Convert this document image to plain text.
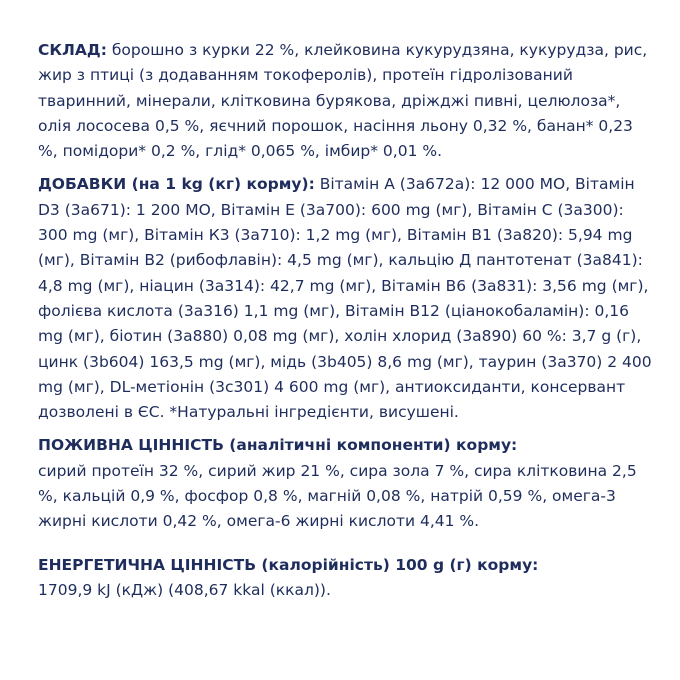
СКЛАД: борошно з курки 22 %, клейковина кукурудзяна, кукурудза, рис, жир з птиці (з додаванням токоферолів), протеїн гідролізований тваринний, мінерали, клітковина бурякова, дріжджі пивні, целюлоза*, олія лососева 0,5 %, яєчний порошок, насіння льону 0,32 %, банан* 0,23 %, помідори* 0,2 %, глід* 0,065 %, імбир* 0,01 %.

ДОБАВКИ (на 1 kg (кг) корму): Вітамін А (3а672а): 12 000 МО, Вітамін D3 (3а671): 1 200 МО, Вітамін Е (3а700): 600 mg (мг), Вітамін С (3а300): 300 mg (мг), Вітамін К3 (3а710): 1,2 mg (мг), Вітамін В1 (3а820): 5,94 mg (мг), Вітамін В2 (рибофлавін): 4,5 mg (мг), кальцію Д пантотенат (3а841): 4,8 mg (мг), ніацин (3а314): 42,7 mg (мг), Вітамін В6 (3а831): 3,56 mg (мг), фолієва кислота (3а316) 1,1 mg (мг), Вітамін В12 (ціанокобаламін): 0,16 mg (мг), біотин (3а880) 0,08 mg (мг), холін хлорид (3а890) 60 %: 3,7 g (г), цинк (3b604) 163,5 mg (мг), мідь (3b405) 8,6 mg (мг), таурин (3а370) 2 400 mg (мг), DL-метіонін (3с301) 4 600 mg (мг), антиоксиданти, консервант дозволені в ЄС. *Натуральні інгредієнти, висушені.

ПОЖИВНА ЦІННІСТЬ (аналітичні компоненти) корму:
сирий протеїн 32 %, сирий жир 21 %, сира зола 7 %, сира клітковина 2,5 %, кальцій 0,9 %, фосфор 0,8 %, магній 0,08 %, натрій 0,59 %, омега-3 жирні кислоти 0,42 %, омега-6 жирні кислоти 4,41 %.

ЕНЕРГЕТИЧНА ЦІННІСТЬ (калорійність) 100 g (г) корму:
1709,9 kJ (кДж) (408,67 kkal (ккал)).
